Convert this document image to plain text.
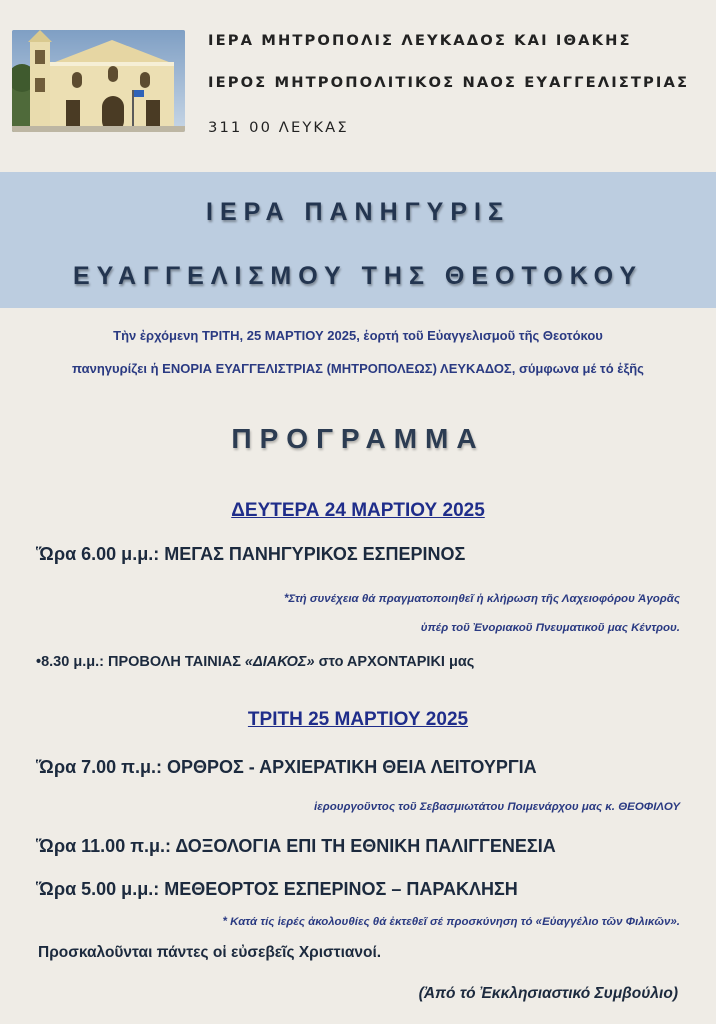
ΙΕΡΑ ΜΗΤΡΟΠΟΛΙΣ ΛΕΥΚΑΔΟΣ ΚΑΙ ΙΘΑΚΗΣ
ΙΕΡΟΣ ΜΗΤΡΟΠΟΛΙΤΙΚΟΣ ΝΑΟΣ ΕΥΑΓΓΕΛΙΣΤΡΙΑΣ
311 00 ΛΕΥΚΑΣ
ΙΕΡΑ ΠΑΝΗΓΥΡΙΣ
ΕΥΑΓΓΕΛΙΣΜΟΥ ΤΗΣ ΘΕΟΤΟΚΟΥ
Τὴν ἐρχόμενη ΤΡΙΤΗ, 25 ΜΑΡΤΙΟΥ 2025, ἑορτή τοῦ Εὐαγγελισμοῦ τῆς Θεοτόκου
πανηγυρίζει ἡ ΕΝΟΡΙΑ ΕΥΑΓΓΕΛΙΣΤΡΙΑΣ (ΜΗΤΡΟΠΟΛΕΩΣ) ΛΕΥΚΑΔΟΣ, σύμφωνα μέ τό ἑξῆς
ΠΡΟΓΡΑΜΜΑ
ΔΕΥΤΕΡΑ 24 ΜΑΡΤΙΟΥ 2025
Ὥρα 6.00 μ.μ.: ΜΕΓΑΣ ΠΑΝΗΓΥΡΙΚΟΣ ΕΣΠΕΡΙΝΟΣ
*Στή συνέχεια θά πραγματοποιηθεῖ ἡ κλήρωση τῆς Λαχειοφόρου Ἀγορᾶς
ὑπέρ τοῦ Ἐνοριακοῦ Πνευματικοῦ μας Κέντρου.
•8.30 μ.μ.: ΠΡΟΒΟΛΗ ΤΑΙΝΙΑΣ «ΔΙΑΚΟΣ» στο ΑΡΧΟΝΤΑΡΙΚΙ μας
ΤΡΙΤΗ 25 ΜΑΡΤΙΟΥ 2025
Ὥρα 7.00 π.μ.: ΟΡΘΡΟΣ - ΑΡΧΙΕΡΑΤΙΚΗ ΘΕΙΑ ΛΕΙΤΟΥΡΓΙΑ
ἱερουργοῦντος τοῦ Σεβασμιωτάτου Ποιμενάρχου μας κ. ΘΕΟΦΙΛΟΥ
Ὥρα 11.00 π.μ.: ΔΟΞΟΛΟΓΙΑ ΕΠΙ ΤΗ ΕΘΝΙΚΗ ΠΑΛΙΓΓΕΝΕΣΙΑ
Ὥρα 5.00 μ.μ.: ΜΕΘΕΟΡΤΟΣ ΕΣΠΕΡΙΝΟΣ – ΠΑΡΑΚΛΗΣΗ
* Κατά τίς ἱερές ἀκολουθίες θά ἐκτεθεῖ σέ προσκύνηση τό «Εὐαγγέλιο τῶν Φιλικῶν».
Προσκαλοῦνται πάντες οἱ εὐσεβεῖς Χριστιανοί.
(Ἀπό τό Ἐκκλησιαστικό Συμβούλιο)
